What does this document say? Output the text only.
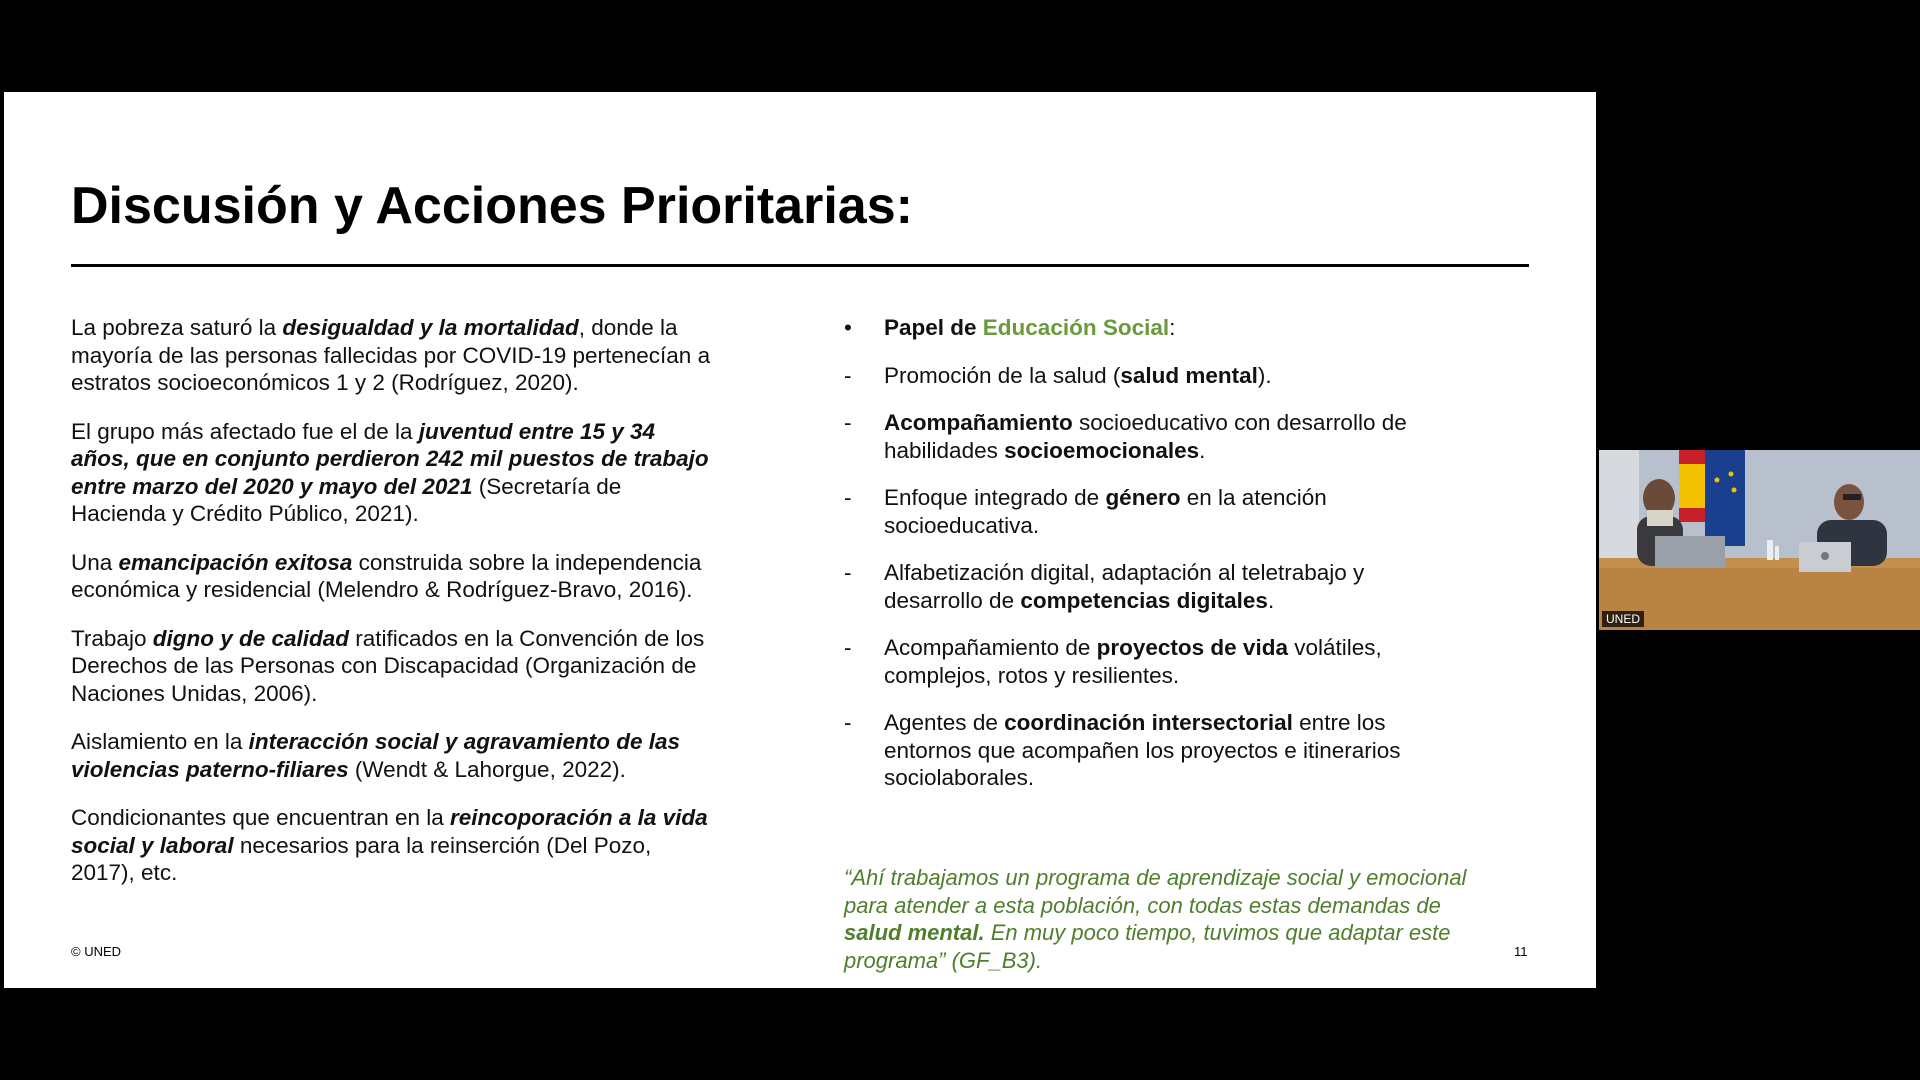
Discusión y Acciones Prioritarias:

La pobreza saturó la desigualdad y la mortalidad, donde la mayoría de las personas fallecidas por COVID-19 pertenecían a estratos socioeconómicos 1 y 2 (Rodríguez, 2020).

El grupo más afectado fue el de la juventud entre 15 y 34 años, que en conjunto perdieron 242 mil puestos de trabajo entre marzo del 2020 y mayo del 2021 (Secretaría de Hacienda y Crédito Público, 2021).

Una emancipación exitosa construida sobre la independencia económica y residencial (Melendro & Rodríguez-Bravo, 2016).

Trabajo digno y de calidad ratificados en la Convención de los Derechos de las Personas con Discapacidad (Organización de Naciones Unidas, 2006).

Aislamiento en la interacción social y agravamiento de las violencias paterno-filiares (Wendt & Lahorgue, 2022).

Condicionantes que encuentran en la reincoporación a la vida social y laboral necesarios para la reinserción (Del Pozo, 2017), etc.

•	Papel de Educación Social:
-	Promoción de la salud (salud mental).
-	Acompañamiento socioeducativo con desarrollo de habilidades socioemocionales.
-	Enfoque integrado de género en la atención socioeducativa.
-	Alfabetización digital, adaptación al teletrabajo y desarrollo de competencias digitales.
-	Acompañamiento de proyectos de vida volátiles, complejos, rotos y resilientes.
-	Agentes de coordinación intersectorial entre los entornos que acompañen los proyectos e itinerarios sociolaborales.
“Ahí trabajamos un programa de aprendizaje social y emocional para atender a esta población, con todas estas demandas de salud mental. En muy poco tiempo, tuvimos que adaptar este programa” (GF_B3).
© UNED	11
UNED
